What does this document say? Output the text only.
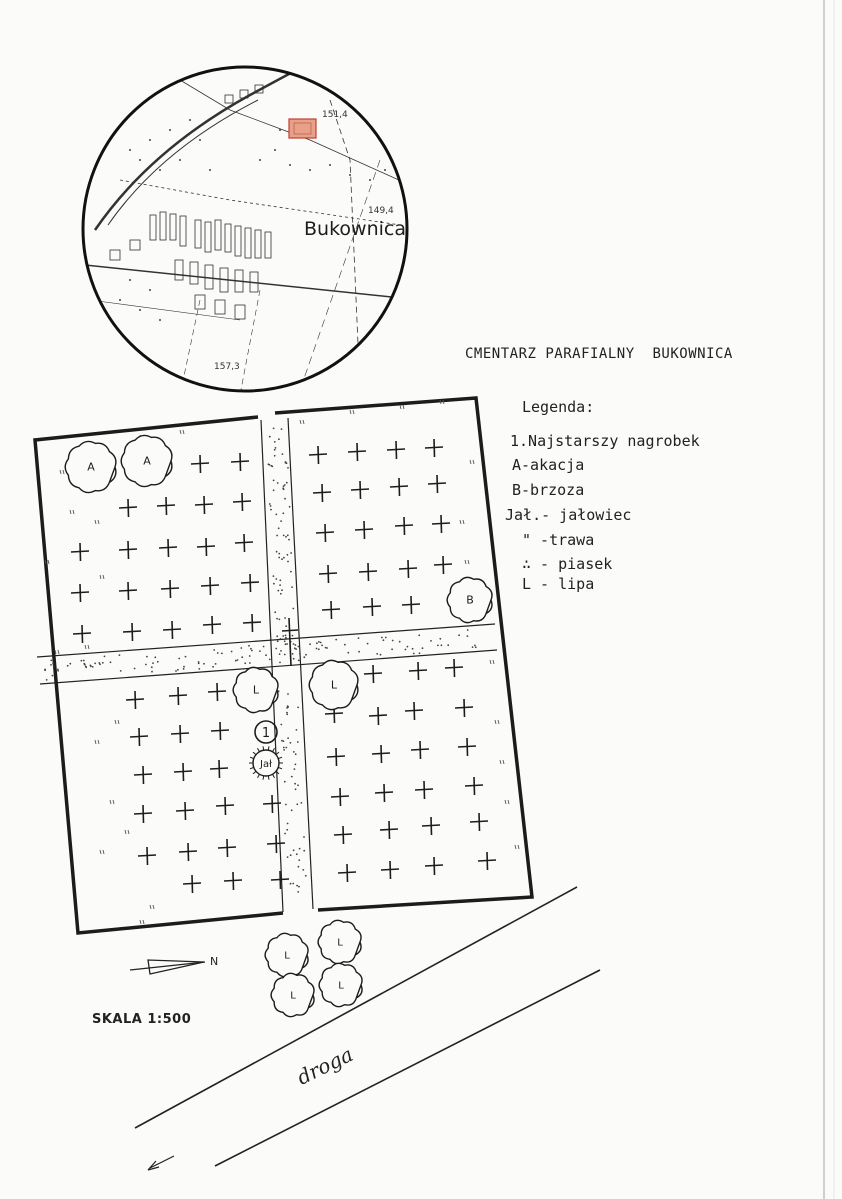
A	A
B
L	L
L
L
L
L
Jał
1
Bukownica
151,4
149,4
157,3
CMENTARZ PARAFIALNY  BUKOWNICA
Legenda:
1.Najstarszy nagrobek
A-akacja
B-brzoza
Jał.- jałowiec
" -trawa
∴ - piasek
L - lipa
SKALA 1:500
droga
N
